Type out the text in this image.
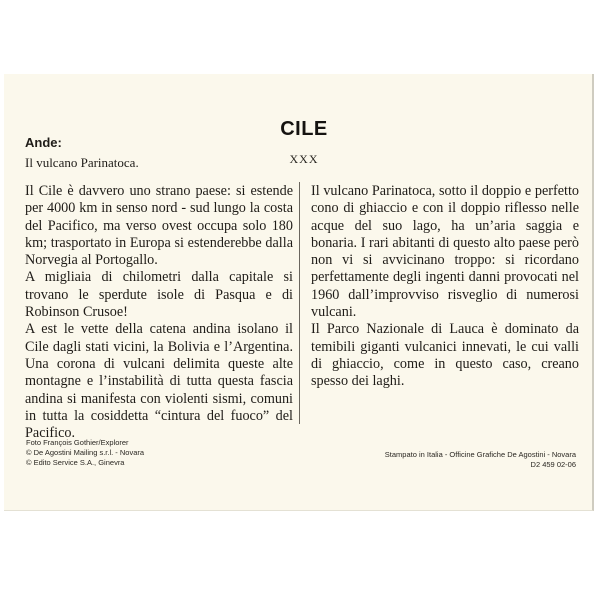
CILE
XXX
Ande:
Il vulcano Parinatoca.

Il Cile è davvero uno strano paese: si estende per 4000 km in senso nord - sud lungo la costa del Pacifico, ma verso ovest occupa solo 180 km; trasportato in Europa si estenderebbe dalla Norvegia al Portogallo.

A migliaia di chilometri dalla capitale si trovano le sperdute isole di Pasqua e di Robinson Crusoe!

A est le vette della catena andina isolano il Cile dagli stati vicini, la Bolivia e l’Argentina. Una corona di vulcani delimita queste alte montagne e l’instabilità di tutta questa fascia andina si manifesta con violenti sismi, comuni in tutta la cosiddetta “cintura del fuoco” del Pacifico.

Il vulcano Parinatoca, sotto il doppio e perfetto cono di ghiaccio e con il doppio riflesso nelle acque del suo lago, ha un’aria saggia e bonaria. I rari abitanti di questo alto paese però non vi si avvicinano troppo: si ricordano perfettamente degli ingenti danni provocati nel 1960 dall’improvviso risveglio di numerosi vulcani.

Il Parco Nazionale di Lauca è dominato da temibili giganti vulcanici innevati, le cui valli di ghiaccio, come in questo caso, creano spesso dei laghi.

Foto François Gothier/Explorer
© De Agostini Mailing s.r.l. - Novara
© Edito Service S.A., Ginevra
Stampato in Italia - Officine Grafiche De Agostini - Novara
D2 459 02-06
